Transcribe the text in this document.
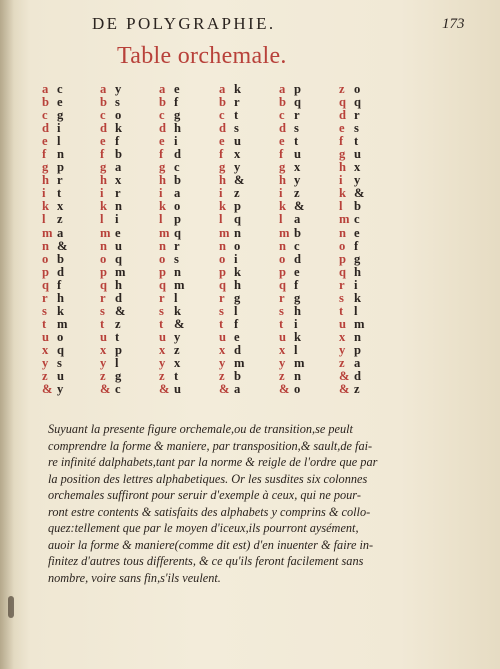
DE POLYGRAPHIE.	173
Table orchemale.
a c
b e
c g
d i
e l
f n
g p
h r
i t
k x
l z
m a
n &
o b
p d
q f
r h
s k
t m
u o
x q
y s
z u
& y
a y
b s
c o
d k
e f
f b
g a
h x
i r
k n
l i
m e
n u
o q
p m
q h
r d
s &
t z
u t
x p
y l
z g
& c
a e
b f
c g
d h
e i
f d
g c
h b
i a
k o
l p
m q
n r
o s
p n
q m
r l
s k
t &
u y
x z
y x
z t
& u
a k
b r
c t
d s
e u
f x
g y
h &
i z
k p
l q
m n
n o
o i
p k
q h
r g
s l
t f
u e
x d
y m
z b
& a
a p
b q
c r
d s
e t
f u
g x
h y
i z
k &
l a
m b
n c
o d
p e
q f
r g
s h
t i
u k
x l
y m
z n
& o
z o
q q
d r
e s
f t
g u
h x
i y
k &
l b
m c
n e
o f
p g
q h
r i
s k
t l
u m
x n
y p
z a
& d
& z
Suyuant la presente figure orchemale,ou de transition,se peult
comprendre la forme & maniere, par transposition,& sault,de fai-
re infinité dalphabets,tant par la norme & reigle de l'ordre que par
la position des lettres alphabetiques. Or les susdites six colonnes
orchemales suffiront pour seruir d'exemple à ceux, qui ne pour-
ront estre contents & satisfaits des alphabets y comprins & collo-
quez:tellement que par le moyen d'iceux,ils pourront aysément,
auoir la forme & maniere(comme dit est) d'en inuenter & faire in-
finitez d'autres tous differents, & ce qu'ils feront facilement sans
nombre, voire sans fin,s'ils veulent.
